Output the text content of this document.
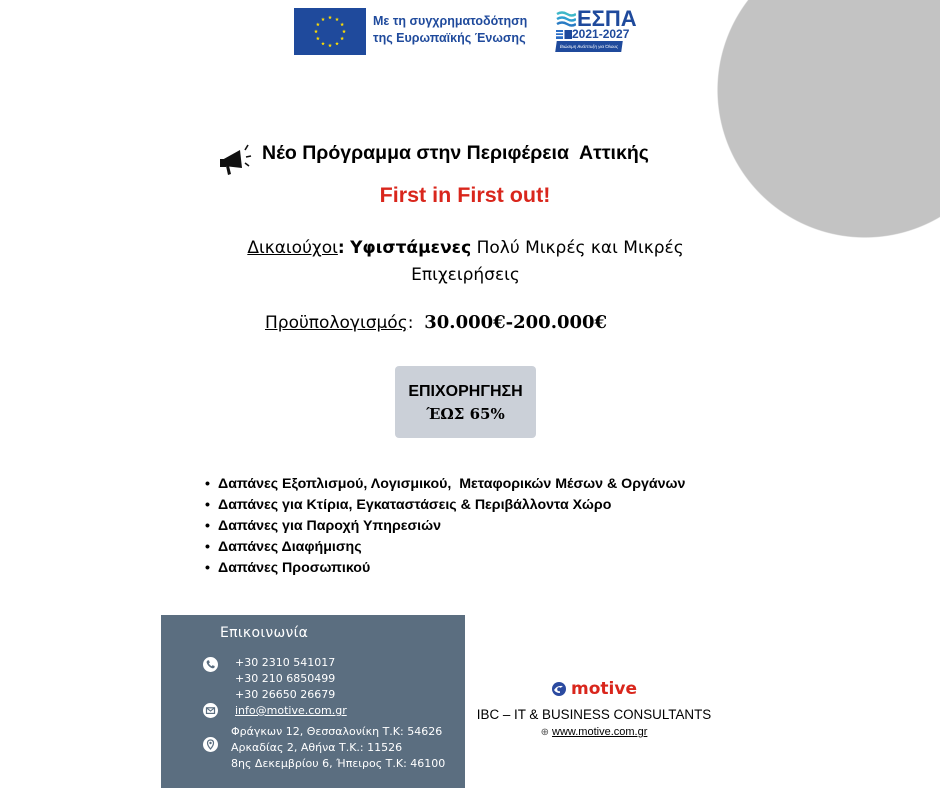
Με τη συγχρηματοδότηση
της Ευρωπαϊκής Ένωσης
ΕΣΠΑ
2021-2027
Βιώσιμη Ανάπτυξη για Όλους
Νέο Πρόγραμμα στην Περιφέρεια  Αττικής
First in First out!
Δικαιούχοι: Υφιστάμενες Πολύ Μικρές και Μικρές Επιχειρήσεις
Προϋπολογισμός: 30.000€-200.000€
ΕΠΙΧΟΡΗΓΗΣΗ
ΈΩΣ 65%
• Δαπάνες Εξοπλισμού, Λογισμικού,  Μεταφορικών Μέσων & Οργάνων
• Δαπάνες για Κτίρια, Εγκαταστάσεις & Περιβάλλοντα Χώρο
• Δαπάνες για Παροχή Υπηρεσιών
• Δαπάνες Διαφήμισης
• Δαπάνες Προσωπικού
Επικοινωνία
+30 2310 541017
+30 210 6850499
+30 26650 26679
info@motive.com.gr
Φράγκων 12, Θεσσαλονίκη Τ.Κ: 54626
Αρκαδίας 2, Αθήνα Τ.Κ.: 11526
8ης Δεκεμβρίου 6, Ήπειρος Τ.Κ: 46100
motive
IBC – IT & BUSINESS CONSULTANTS
⊕ www.motive.com.gr
